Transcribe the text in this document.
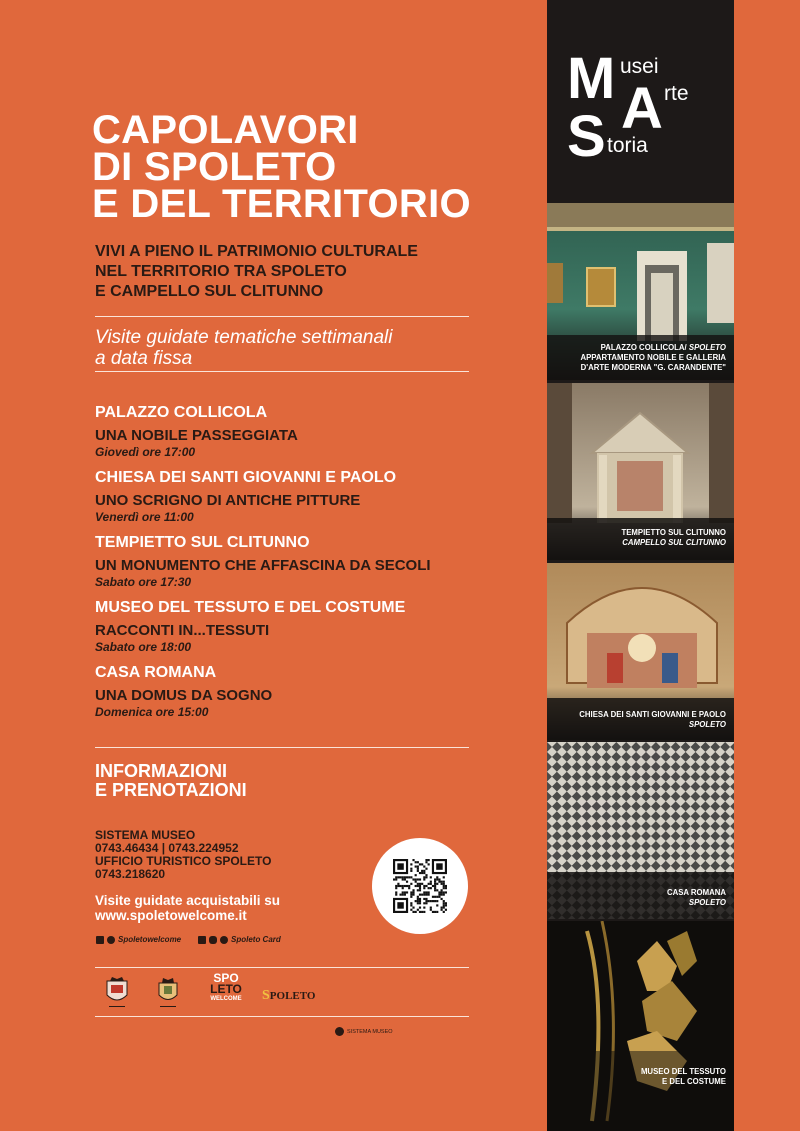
CAPOLAVORI
DI SPOLETO
E DEL TERRITORIO
VIVI A PIENO IL PATRIMONIO CULTURALE
NEL TERRITORIO TRA SPOLETO
E CAMPELLO SUL CLITUNNO
Visite guidate tematiche settimanali
a data fissa
PALAZZO COLLICOLA
UNA NOBILE PASSEGGIATA
Giovedì ore 17:00
CHIESA DEI SANTI GIOVANNI E PAOLO
UNO SCRIGNO DI ANTICHE PITTURE
Venerdì ore 11:00
TEMPIETTO SUL CLITUNNO
UN MONUMENTO CHE AFFASCINA DA SECOLI
Sabato ore 17:30
MUSEO DEL TESSUTO E DEL COSTUME
RACCONTI IN...TESSUTI
Sabato ore 18:00
CASA ROMANA
UNA DOMUS DA SOGNO
Domenica ore 15:00
INFORMAZIONI
E PRENOTAZIONI
SISTEMA MUSEO
0743.46434 | 0743.224952
UFFICIO TURISTICO SPOLETO
0743.218620
Visite guidate acquistabili su
www.spoletowelcome.it
Spoletowelcome	Spoleto Card
SPO
LETO
WELCOME	SPOLETO
SISTEMA MUSEO
M usei
A rte
S toria
PALAZZO COLLICOLA/ SPOLETO
APPARTAMENTO NOBILE E GALLERIA
D'ARTE MODERNA "G. CARANDENTE"
TEMPIETTO SUL CLITUNNO
CAMPELLO SUL CLITUNNO
CHIESA DEI SANTI GIOVANNI E PAOLO
SPOLETO
CASA ROMANA
SPOLETO
MUSEO DEL TESSUTO
E DEL COSTUME
